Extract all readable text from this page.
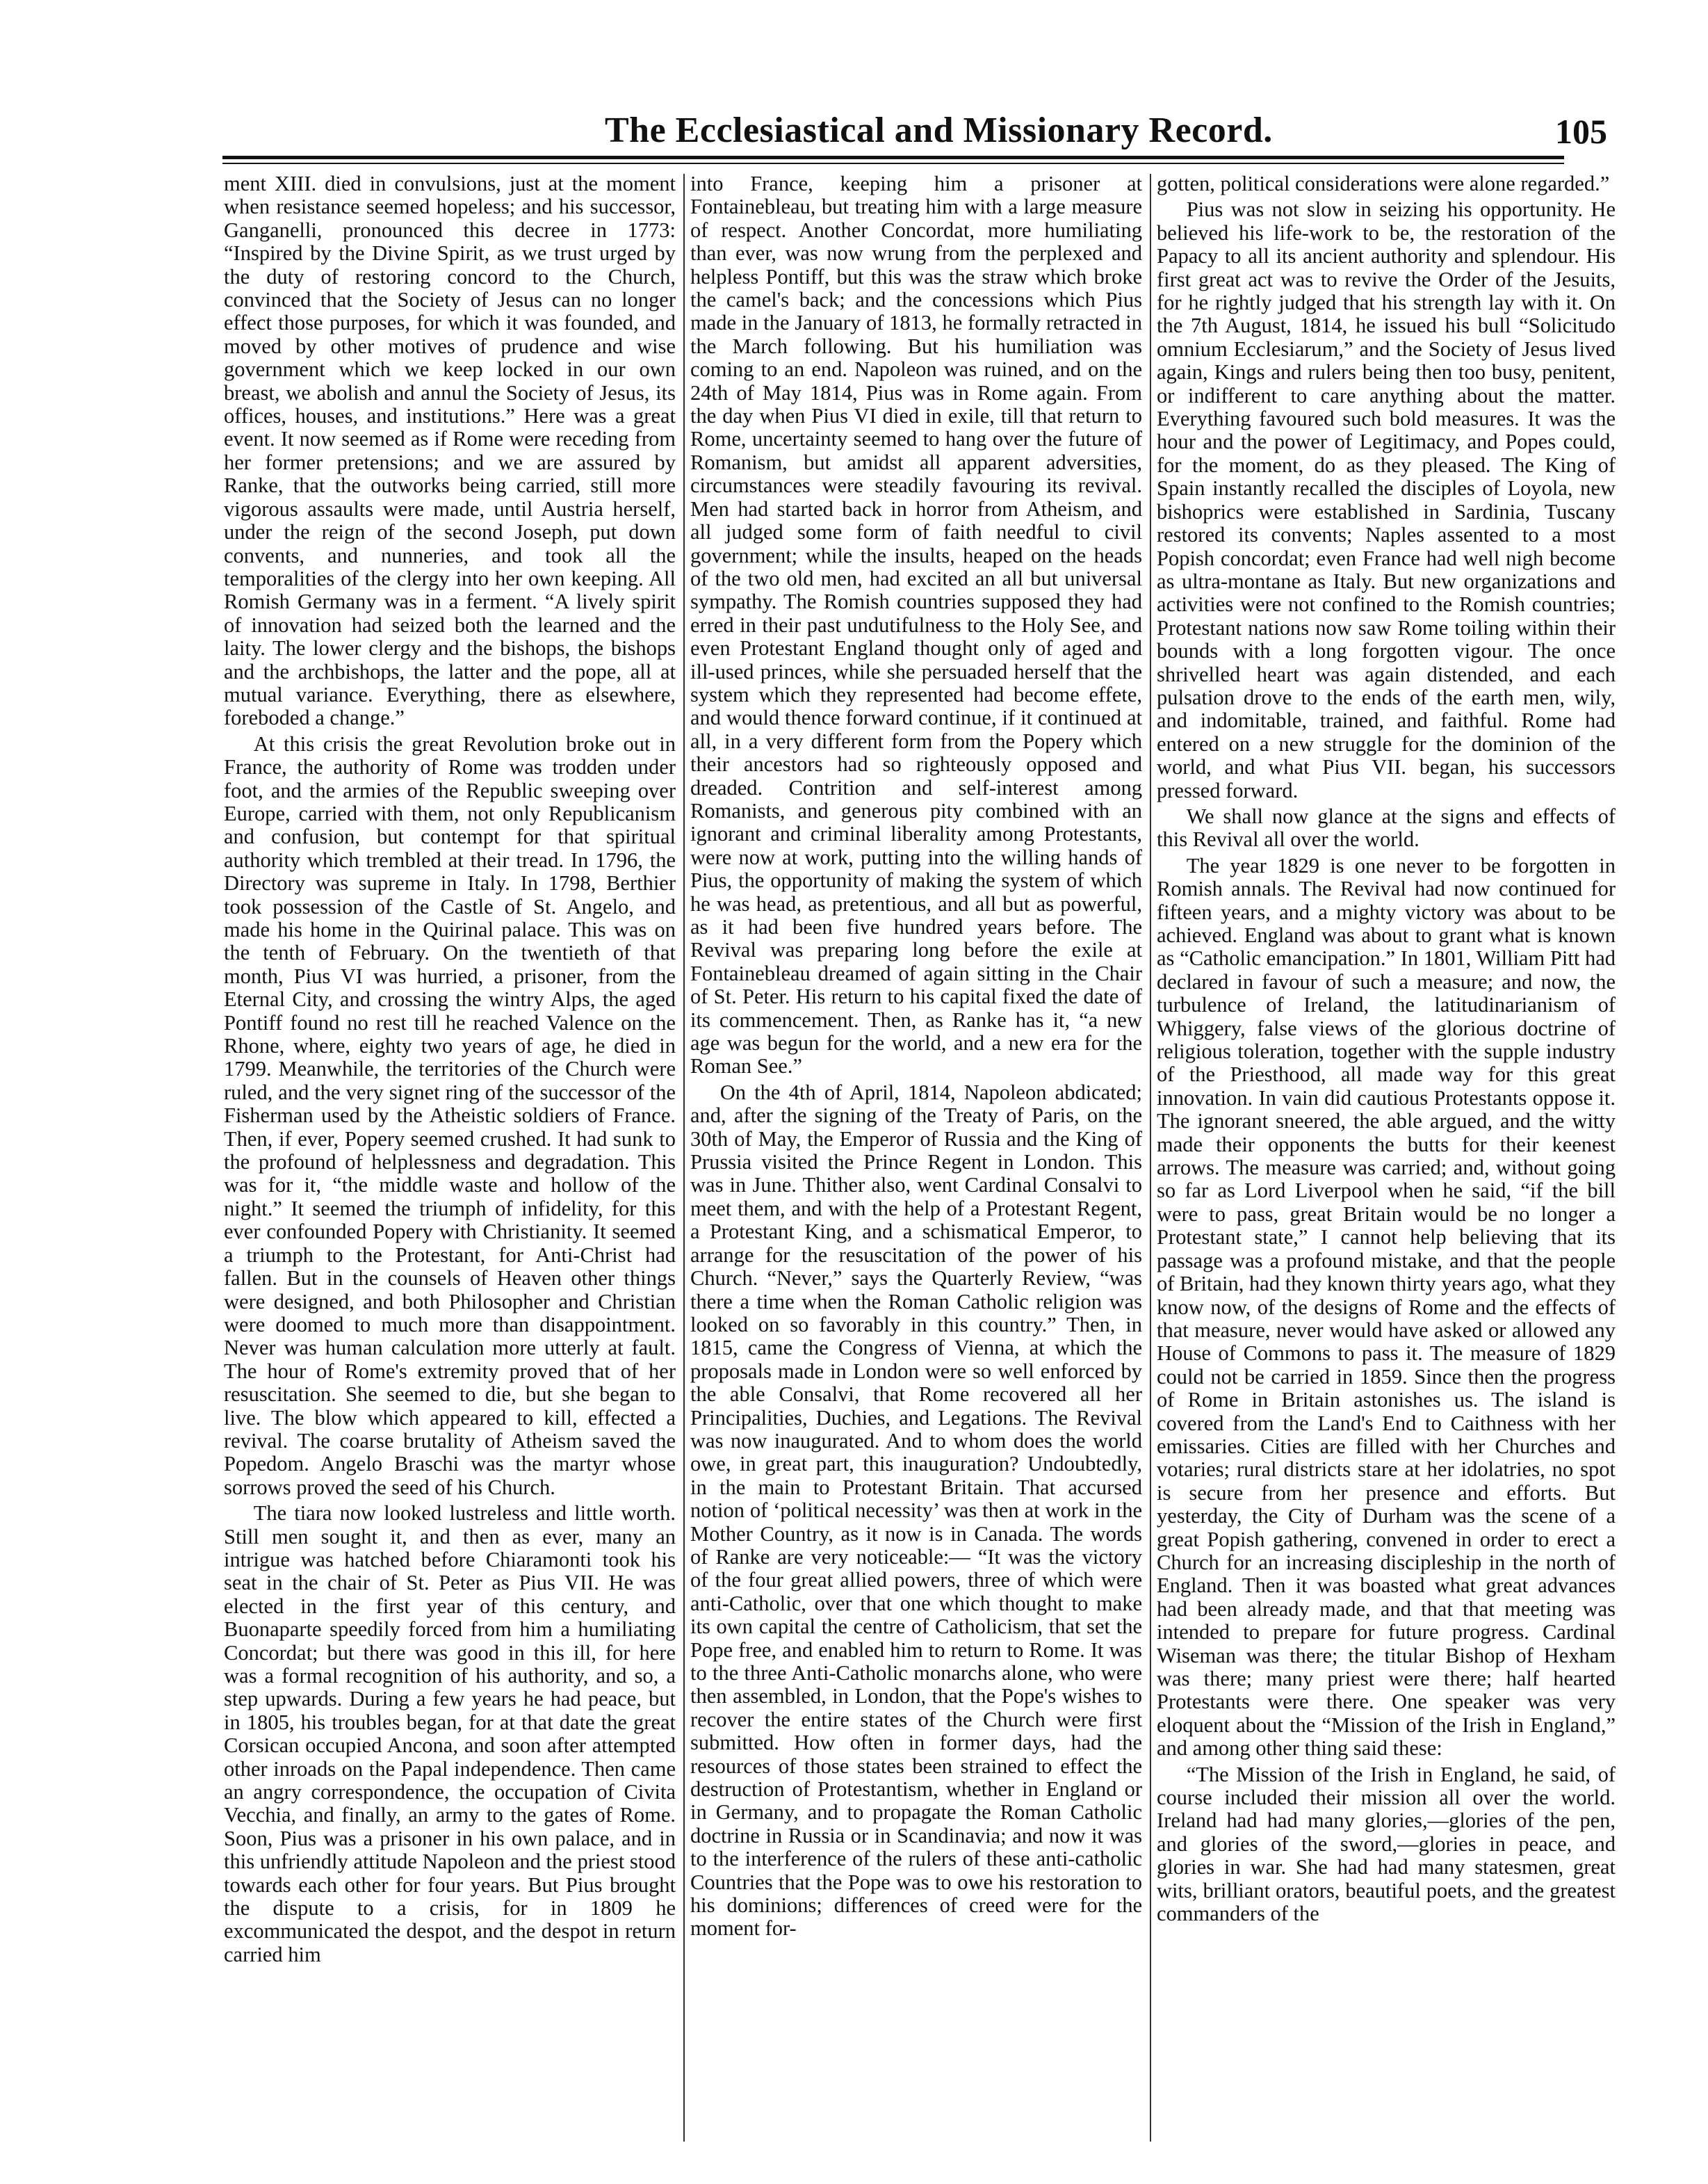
The Ecclesiastical and Missionary Record.	105

ment XIII. died in convulsions, just at the moment when resistance seemed hopeless; and his successor, Ganganelli, pronounced this decree in 1773: “Inspired by the Divine Spirit, as we trust urged by the duty of restoring concord to the Church, convinced that the Society of Jesus can no longer effect those purposes, for which it was founded, and moved by other motives of prudence and wise government which we keep locked in our own breast, we abolish and annul the Society of Jesus, its offices, houses, and institutions.” Here was a great event. It now seemed as if Rome were receding from her former pretensions; and we are assured by Ranke, that the outworks being carried, still more vigorous assaults were made, until Austria herself, under the reign of the second Joseph, put down convents, and nunneries, and took all the temporalities of the clergy into her own keeping. All Romish Germany was in a ferment. “A lively spirit of innovation had seized both the learned and the laity. The lower clergy and the bishops, the bishops and the archbishops, the latter and the pope, all at mutual variance. Everything, there as elsewhere, foreboded a change.”

At this crisis the great Revolution broke out in France, the authority of Rome was trodden under foot, and the armies of the Republic sweeping over Europe, carried with them, not only Republicanism and confusion, but contempt for that spiritual authority which trembled at their tread. In 1796, the Directory was supreme in Italy. In 1798, Berthier took possession of the Castle of St. Angelo, and made his home in the Quirinal palace. This was on the tenth of February. On the twentieth of that month, Pius VI was hurried, a prisoner, from the Eternal City, and crossing the wintry Alps, the aged Pontiff found no rest till he reached Valence on the Rhone, where, eighty two years of age, he died in 1799. Meanwhile, the territories of the Church were ruled, and the very signet ring of the successor of the Fisherman used by the Atheistic soldiers of France. Then, if ever, Popery seemed crushed. It had sunk to the profound of helplessness and degradation. This was for it, “the middle waste and hollow of the night.” It seemed the triumph of infidelity, for this ever confounded Popery with Christianity. It seemed a triumph to the Protestant, for Anti-Christ had fallen. But in the counsels of Heaven other things were designed, and both Philosopher and Christian were doomed to much more than disappointment. Never was human calculation more utterly at fault. The hour of Rome's extremity proved that of her resuscitation. She seemed to die, but she began to live. The blow which appeared to kill, effected a revival. The coarse brutality of Atheism saved the Popedom. Angelo Braschi was the martyr whose sorrows proved the seed of his Church.

The tiara now looked lustreless and little worth. Still men sought it, and then as ever, many an intrigue was hatched before Chiaramonti took his seat in the chair of St. Peter as Pius VII. He was elected in the first year of this century, and Buonaparte speedily forced from him a humiliating Concordat; but there was good in this ill, for here was a formal recognition of his authority, and so, a step upwards. During a few years he had peace, but in 1805, his troubles began, for at that date the great Corsican occupied Ancona, and soon after attempted other inroads on the Papal independence. Then came an angry correspondence, the occupation of Civita Vecchia, and finally, an army to the gates of Rome. Soon, Pius was a prisoner in his own palace, and in this unfriendly attitude Napoleon and the priest stood towards each other for four years. But Pius brought the dispute to a crisis, for in 1809 he excommunicated the despot, and the despot in return carried him

into France, keeping him a prisoner at Fontainebleau, but treating him with a large measure of respect. Another Concordat, more humiliating than ever, was now wrung from the perplexed and helpless Pontiff, but this was the straw which broke the camel's back; and the concessions which Pius made in the January of 1813, he formally retracted in the March following. But his humiliation was coming to an end. Napoleon was ruined, and on the 24th of May 1814, Pius was in Rome again. From the day when Pius VI died in exile, till that return to Rome, uncertainty seemed to hang over the future of Romanism, but amidst all apparent adversities, circumstances were steadily favouring its revival. Men had started back in horror from Atheism, and all judged some form of faith needful to civil government; while the insults, heaped on the heads of the two old men, had excited an all but universal sympathy. The Romish countries supposed they had erred in their past undutifulness to the Holy See, and even Protestant England thought only of aged and ill-used princes, while she persuaded herself that the system which they represented had become effete, and would thence forward continue, if it continued at all, in a very different form from the Popery which their ancestors had so righteously opposed and dreaded. Contrition and self-interest among Romanists, and generous pity combined with an ignorant and criminal liberality among Protestants, were now at work, putting into the willing hands of Pius, the opportunity of making the system of which he was head, as pretentious, and all but as powerful, as it had been five hundred years before. The Revival was preparing long before the exile at Fontainebleau dreamed of again sitting in the Chair of St. Peter. His return to his capital fixed the date of its commencement. Then, as Ranke has it, “a new age was begun for the world, and a new era for the Roman See.”

On the 4th of April, 1814, Napoleon abdicated; and, after the signing of the Treaty of Paris, on the 30th of May, the Emperor of Russia and the King of Prussia visited the Prince Regent in London. This was in June. Thither also, went Cardinal Consalvi to meet them, and with the help of a Protestant Regent, a Protestant King, and a schismatical Emperor, to arrange for the resuscitation of the power of his Church. “Never,” says the Quarterly Review, “was there a time when the Roman Catholic religion was looked on so favorably in this country.” Then, in 1815, came the Congress of Vienna, at which the proposals made in London were so well enforced by the able Consalvi, that Rome recovered all her Principalities, Duchies, and Legations. The Revival was now inaugurated. And to whom does the world owe, in great part, this inauguration? Undoubtedly, in the main to Protestant Britain. That accursed notion of ‘political necessity’ was then at work in the Mother Country, as it now is in Canada. The words of Ranke are very noticeable:— “It was the victory of the four great allied powers, three of which were anti-Catholic, over that one which thought to make its own capital the centre of Catholicism, that set the Pope free, and enabled him to return to Rome. It was to the three Anti-Catholic monarchs alone, who were then assembled, in London, that the Pope's wishes to recover the entire states of the Church were first submitted. How often in former days, had the resources of those states been strained to effect the destruction of Protestantism, whether in England or in Germany, and to propagate the Roman Catholic doctrine in Russia or in Scandinavia; and now it was to the interference of the rulers of these anti-catholic Countries that the Pope was to owe his restoration to his dominions; differences of creed were for the moment for-

gotten, political considerations were alone regarded.”

Pius was not slow in seizing his opportunity. He believed his life-work to be, the restoration of the Papacy to all its ancient authority and splendour. His first great act was to revive the Order of the Jesuits, for he rightly judged that his strength lay with it. On the 7th August, 1814, he issued his bull “Solicitudo omnium Ecclesiarum,” and the Society of Jesus lived again, Kings and rulers being then too busy, penitent, or indifferent to care anything about the matter. Everything favoured such bold measures. It was the hour and the power of Legitimacy, and Popes could, for the moment, do as they pleased. The King of Spain instantly recalled the disciples of Loyola, new bishoprics were established in Sardinia, Tuscany restored its convents; Naples assented to a most Popish concordat; even France had well nigh become as ultra-montane as Italy. But new organizations and activities were not confined to the Romish countries; Protestant nations now saw Rome toiling within their bounds with a long forgotten vigour. The once shrivelled heart was again distended, and each pulsation drove to the ends of the earth men, wily, and indomitable, trained, and faithful. Rome had entered on a new struggle for the dominion of the world, and what Pius VII. began, his successors pressed forward.

We shall now glance at the signs and effects of this Revival all over the world.

The year 1829 is one never to be forgotten in Romish annals. The Revival had now continued for fifteen years, and a mighty victory was about to be achieved. England was about to grant what is known as “Catholic emancipation.” In 1801, William Pitt had declared in favour of such a measure; and now, the turbulence of Ireland, the latitudinarianism of Whiggery, false views of the glorious doctrine of religious toleration, together with the supple industry of the Priesthood, all made way for this great innovation. In vain did cautious Protestants oppose it. The ignorant sneered, the able argued, and the witty made their opponents the butts for their keenest arrows. The measure was carried; and, without going so far as Lord Liverpool when he said, “if the bill were to pass, great Britain would be no longer a Protestant state,” I cannot help believing that its passage was a profound mistake, and that the people of Britain, had they known thirty years ago, what they know now, of the designs of Rome and the effects of that measure, never would have asked or allowed any House of Commons to pass it. The measure of 1829 could not be carried in 1859. Since then the progress of Rome in Britain astonishes us. The island is covered from the Land's End to Caithness with her emissaries. Cities are filled with her Churches and votaries; rural districts stare at her idolatries, no spot is secure from her presence and efforts. But yesterday, the City of Durham was the scene of a great Popish gathering, convened in order to erect a Church for an increasing discipleship in the north of England. Then it was boasted what great advances had been already made, and that that meeting was intended to prepare for future progress. Cardinal Wiseman was there; the titular Bishop of Hexham was there; many priest were there; half hearted Protestants were there. One speaker was very eloquent about the “Mission of the Irish in England,” and among other thing said these:

“The Mission of the Irish in England, he said, of course included their mission all over the world. Ireland had had many glories,—glories of the pen, and glories of the sword,—glories in peace, and glories in war. She had had many statesmen, great wits, brilliant orators, beautiful poets, and the greatest commanders of the
